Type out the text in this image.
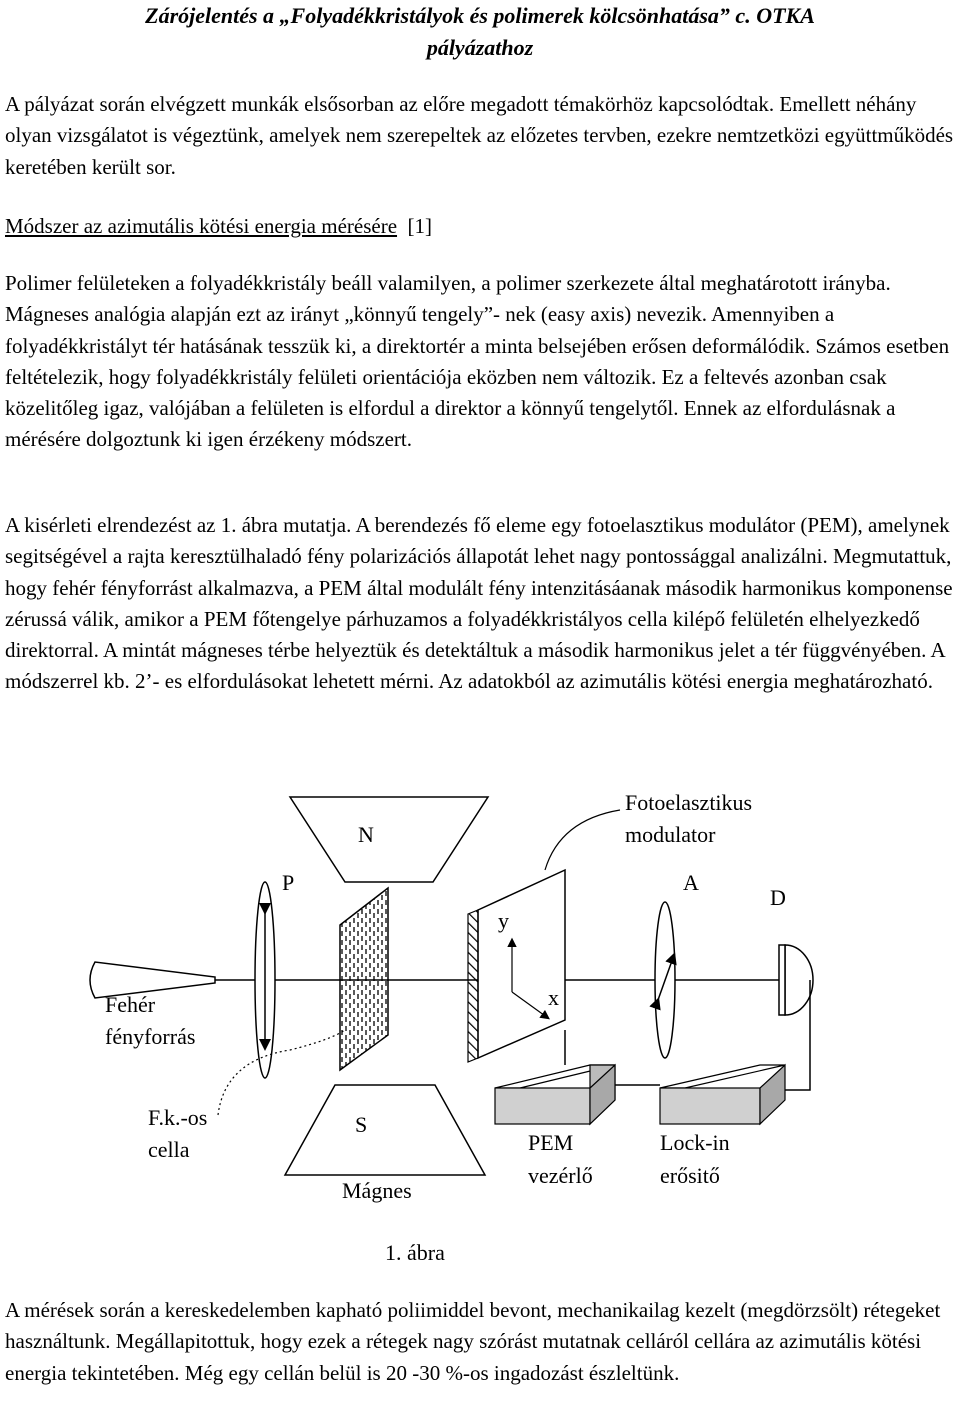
Zárójelentés a „Folyadékkristályok és polimerek kölcsönhatása” c. OTKA
pályázathoz

A pályázat során elvégzett munkák elsősorban az előre megadott témakörhöz kapcsolódtak. Emellett néhány olyan vizsgálatot is végeztünk, amelyek nem szerepeltek az előzetes tervben, ezekre nemtzetközi együttműködés keretében került sor.

Módszer az azimutális kötési energia mérésére [1]

Polimer felületeken a folyadékkristály beáll valamilyen, a polimer szerkezete által meghatárotott irányba. Mágneses analógia alapján ezt az irányt „könnyű tengely”- nek (easy axis) nevezik. Amennyiben a folyadékkristályt tér hatásának tesszük ki, a direktortér a minta belsejében erősen deformálódik. Számos esetben feltételezik, hogy folyadékkristály felületi orientációja eközben nem változik. Ez a feltevés azonban csak közelitőleg igaz, valójában a felületen is elfordul a direktor a könnyű tengelytől. Ennek az elfordulásnak a mérésére dolgoztunk ki igen érzékeny módszert.

A kisérleti elrendezést az 1. ábra mutatja. A berendezés fő eleme egy fotoelasztikus modulátor (PEM), amelynek segitségével a rajta keresztülhaladó fény polarizációs állapotát lehet nagy pontossággal analizálni. Megmutattuk, hogy fehér fényforrást alkalmazva, a PEM által modulált fény intenzitásáanak második harmonikus komponense zérussá válik, amikor a PEM főtengelye párhuzamos a folyadékkristályos cella kilépő felületén elhelyezkedő direktorral. A mintát mágneses térbe helyeztük és detektáltuk a második harmonikus jelet a tér függvényében. A módszerrel kb. 2’- es elfordulásokat lehetett mérni. Az adatokból az azimutális kötési energia meghatározható.

N
S
P	A
D
y
x
Fotoelasztikus
modulator
Fehér
fényforrás
F.k.-os
cella
Mágnes
PEM
vezérlő
Lock-in
erősitő
1. ábra

A mérések során a kereskedelemben kapható poliimiddel bevont, mechanikailag kezelt (megdörzsölt) rétegeket használtunk. Megállapitottuk, hogy ezek a rétegek nagy szórást mutatnak celláról cellára az azimutális kötési energia tekintetében. Még egy cellán belül is 20 -30 %-os ingadozást észleltünk.
